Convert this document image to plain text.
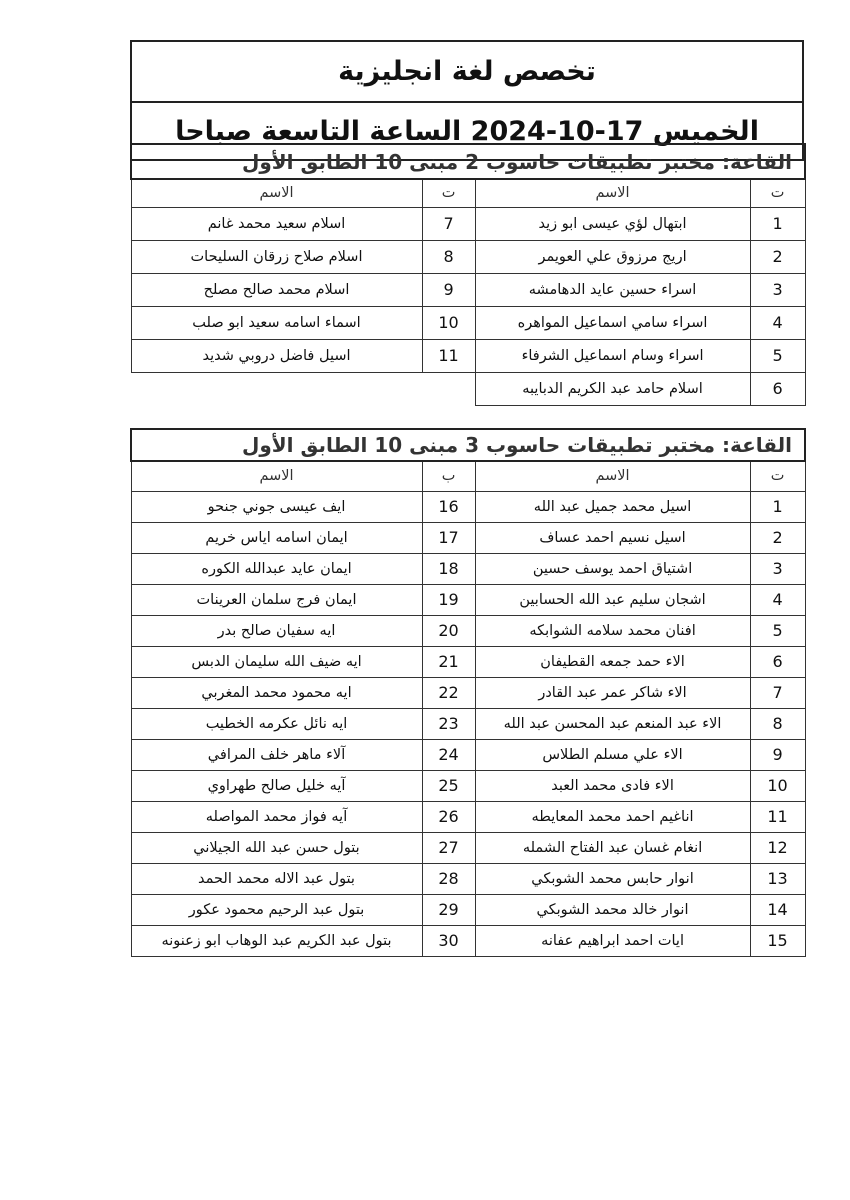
تخصص لغة انجليزية
الخميس 17-10-2024 الساعة التاسعة صباحا
القاعة: مختبر تطبيقات حاسوب 2 مبنى 10 الطابق الأول			
ت	الاسم	ت	الاسم
1	ابتهال لؤي عيسى ابو زيد	7	اسلام سعيد محمد غانم
2	اريج مرزوق علي العويمر	8	اسلام صلاح زرقان السليحات
3	اسراء حسين عايد الدهامشه	9	اسلام محمد صالح مصلح
4	اسراء سامي اسماعيل المواهره	10	اسماء اسامه سعيد ابو صلب
5	اسراء وسام اسماعيل الشرفاء	11	اسيل فاضل دروبي شديد
6	اسلام حامد عبد الكريم الدبايبه		
القاعة: مختبر تطبيقات حاسوب 3 مبنى 10 الطابق الأول			
ت	الاسم	ب	الاسم
1	اسيل محمد جميل عبد الله	16	ايف عيسى جوني جنحو
2	اسيل نسيم احمد عساف	17	ايمان اسامه اياس خريم
3	اشتياق احمد يوسف حسين	18	ايمان عايد عبدالله الكوره
4	اشجان سليم عبد الله الحسابين	19	ايمان فرج سلمان العرينات
5	افنان محمد سلامه الشوابكه	20	ايه سفيان صالح بدر
6	الاء حمد جمعه القطيفان	21	ايه ضيف الله سليمان الدبس
7	الاء شاكر عمر عبد القادر	22	ايه محمود محمد المغربي
8	الاء عبد المنعم عبد المحسن عبد الله	23	ايه نائل عكرمه الخطيب
9	الاء علي مسلم الطلاس	24	آلاء ماهر خلف المرافي
10	الاء فادى محمد العبد	25	آيه خليل صالح طهراوي
11	اناغيم احمد محمد المعايطه	26	آيه فواز محمد المواصله
12	انغام غسان عبد الفتاح الشمله	27	بتول حسن عبد الله الجيلاني
13	انوار حابس محمد الشوبكي	28	بتول عبد الاله محمد الحمد
14	انوار خالد محمد الشوبكي	29	بتول عبد الرحيم محمود عكور
15	ايات احمد ابراهيم عفانه	30	بتول عبد الكريم عبد الوهاب ابو زعنونه
